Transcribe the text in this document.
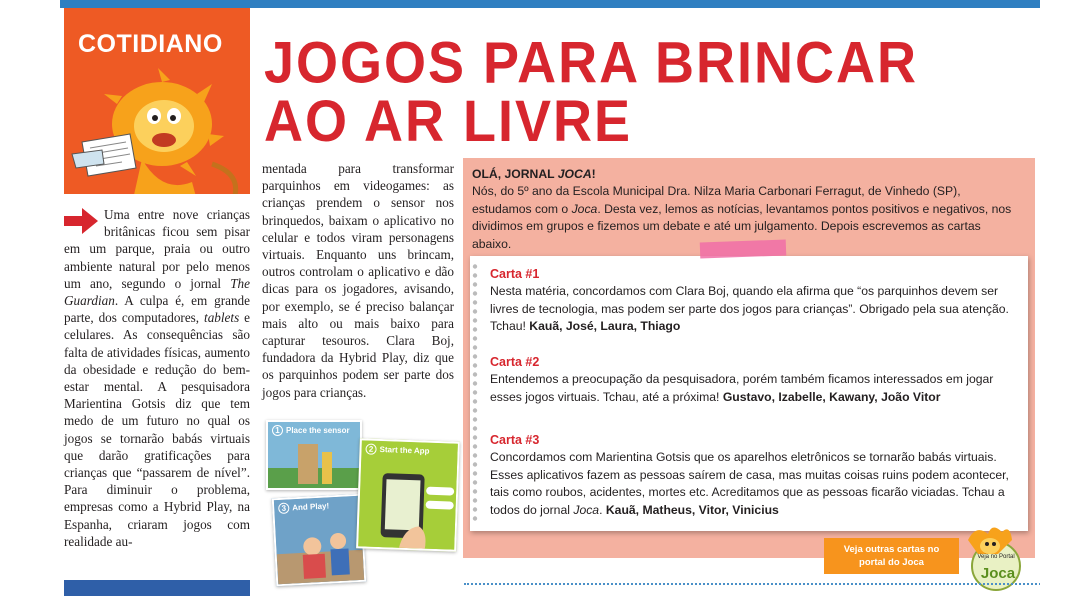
COTIDIANO
Uma entre nove crianças britânicas ficou sem pisar em um parque, praia ou outro ambiente natural por pelo menos um ano, segundo o jornal The Guardian. A culpa é, em grande parte, dos computadores, tablets e celulares. As consequências são falta de atividades físicas, aumento da obesidade e redução do bem-estar mental. A pesquisadora Marientina Gotsis diz que tem medo de um futuro no qual os jogos se tornarão babás virtuais que darão gratificações para crianças que “passarem de nível”. Para diminuir o problema, empresas como a Hybrid Play, na Espanha, criaram jogos com realidade au-
JOGOS PARA BRINCAR
AO AR LIVRE
mentada para transformar parquinhos em videogames: as crianças prendem o sensor nos brinquedos, baixam o aplicativo no celular e todos viram personagens virtuais. Enquanto uns brincam, outros controlam o aplicativo e dão dicas para os jogadores, avisando, por exemplo, se é preciso balançar mais alto ou mais baixo para capturar tesouros. Clara Boj, fundadora da Hybrid Play, diz que os parquinhos podem ser parte dos jogos para crianças.
1 Place the sensor
3 And Play!
2 Start the App
OLÁ, JORNAL JOCA!
Nós, do 5º ano da Escola Municipal Dra. Nilza Maria Carbonari Ferragut, de Vinhedo (SP), estudamos com o Joca. Desta vez, lemos as notícias, levantamos pontos positivos e negativos, nos dividimos em grupos e fizemos um debate e até um julgamento. Depois escrevemos as cartas abaixo.
Carta #1
Nesta matéria, concordamos com Clara Boj, quando ela afirma que “os parquinhos devem ser livres de tecnologia, mas podem ser parte dos jogos para crianças”. Obrigado pela sua atenção. Tchau! Kauã, José, Laura, Thiago
Carta #2
Entendemos a preocupação da pesquisadora, porém também ficamos interessados em jogar esses jogos virtuais. Tchau, até a próxima! Gustavo, Izabelle, Kawany, João Vitor
Carta #3
Concordamos com Marientina Gotsis que os aparelhos eletrônicos se tornarão babás virtuais. Esses aplicativos fazem as pessoas saírem de casa, mas muitas coisas ruins podem acontecer, tais como roubos, acidentes, mortes etc. Acreditamos que as pessoas ficarão viciadas. Tchau a todos do jornal Joca. Kauã, Matheus, Vitor, Vinicius
Veja outras cartas no
portal do Joca	Veja no Portal
Joca
